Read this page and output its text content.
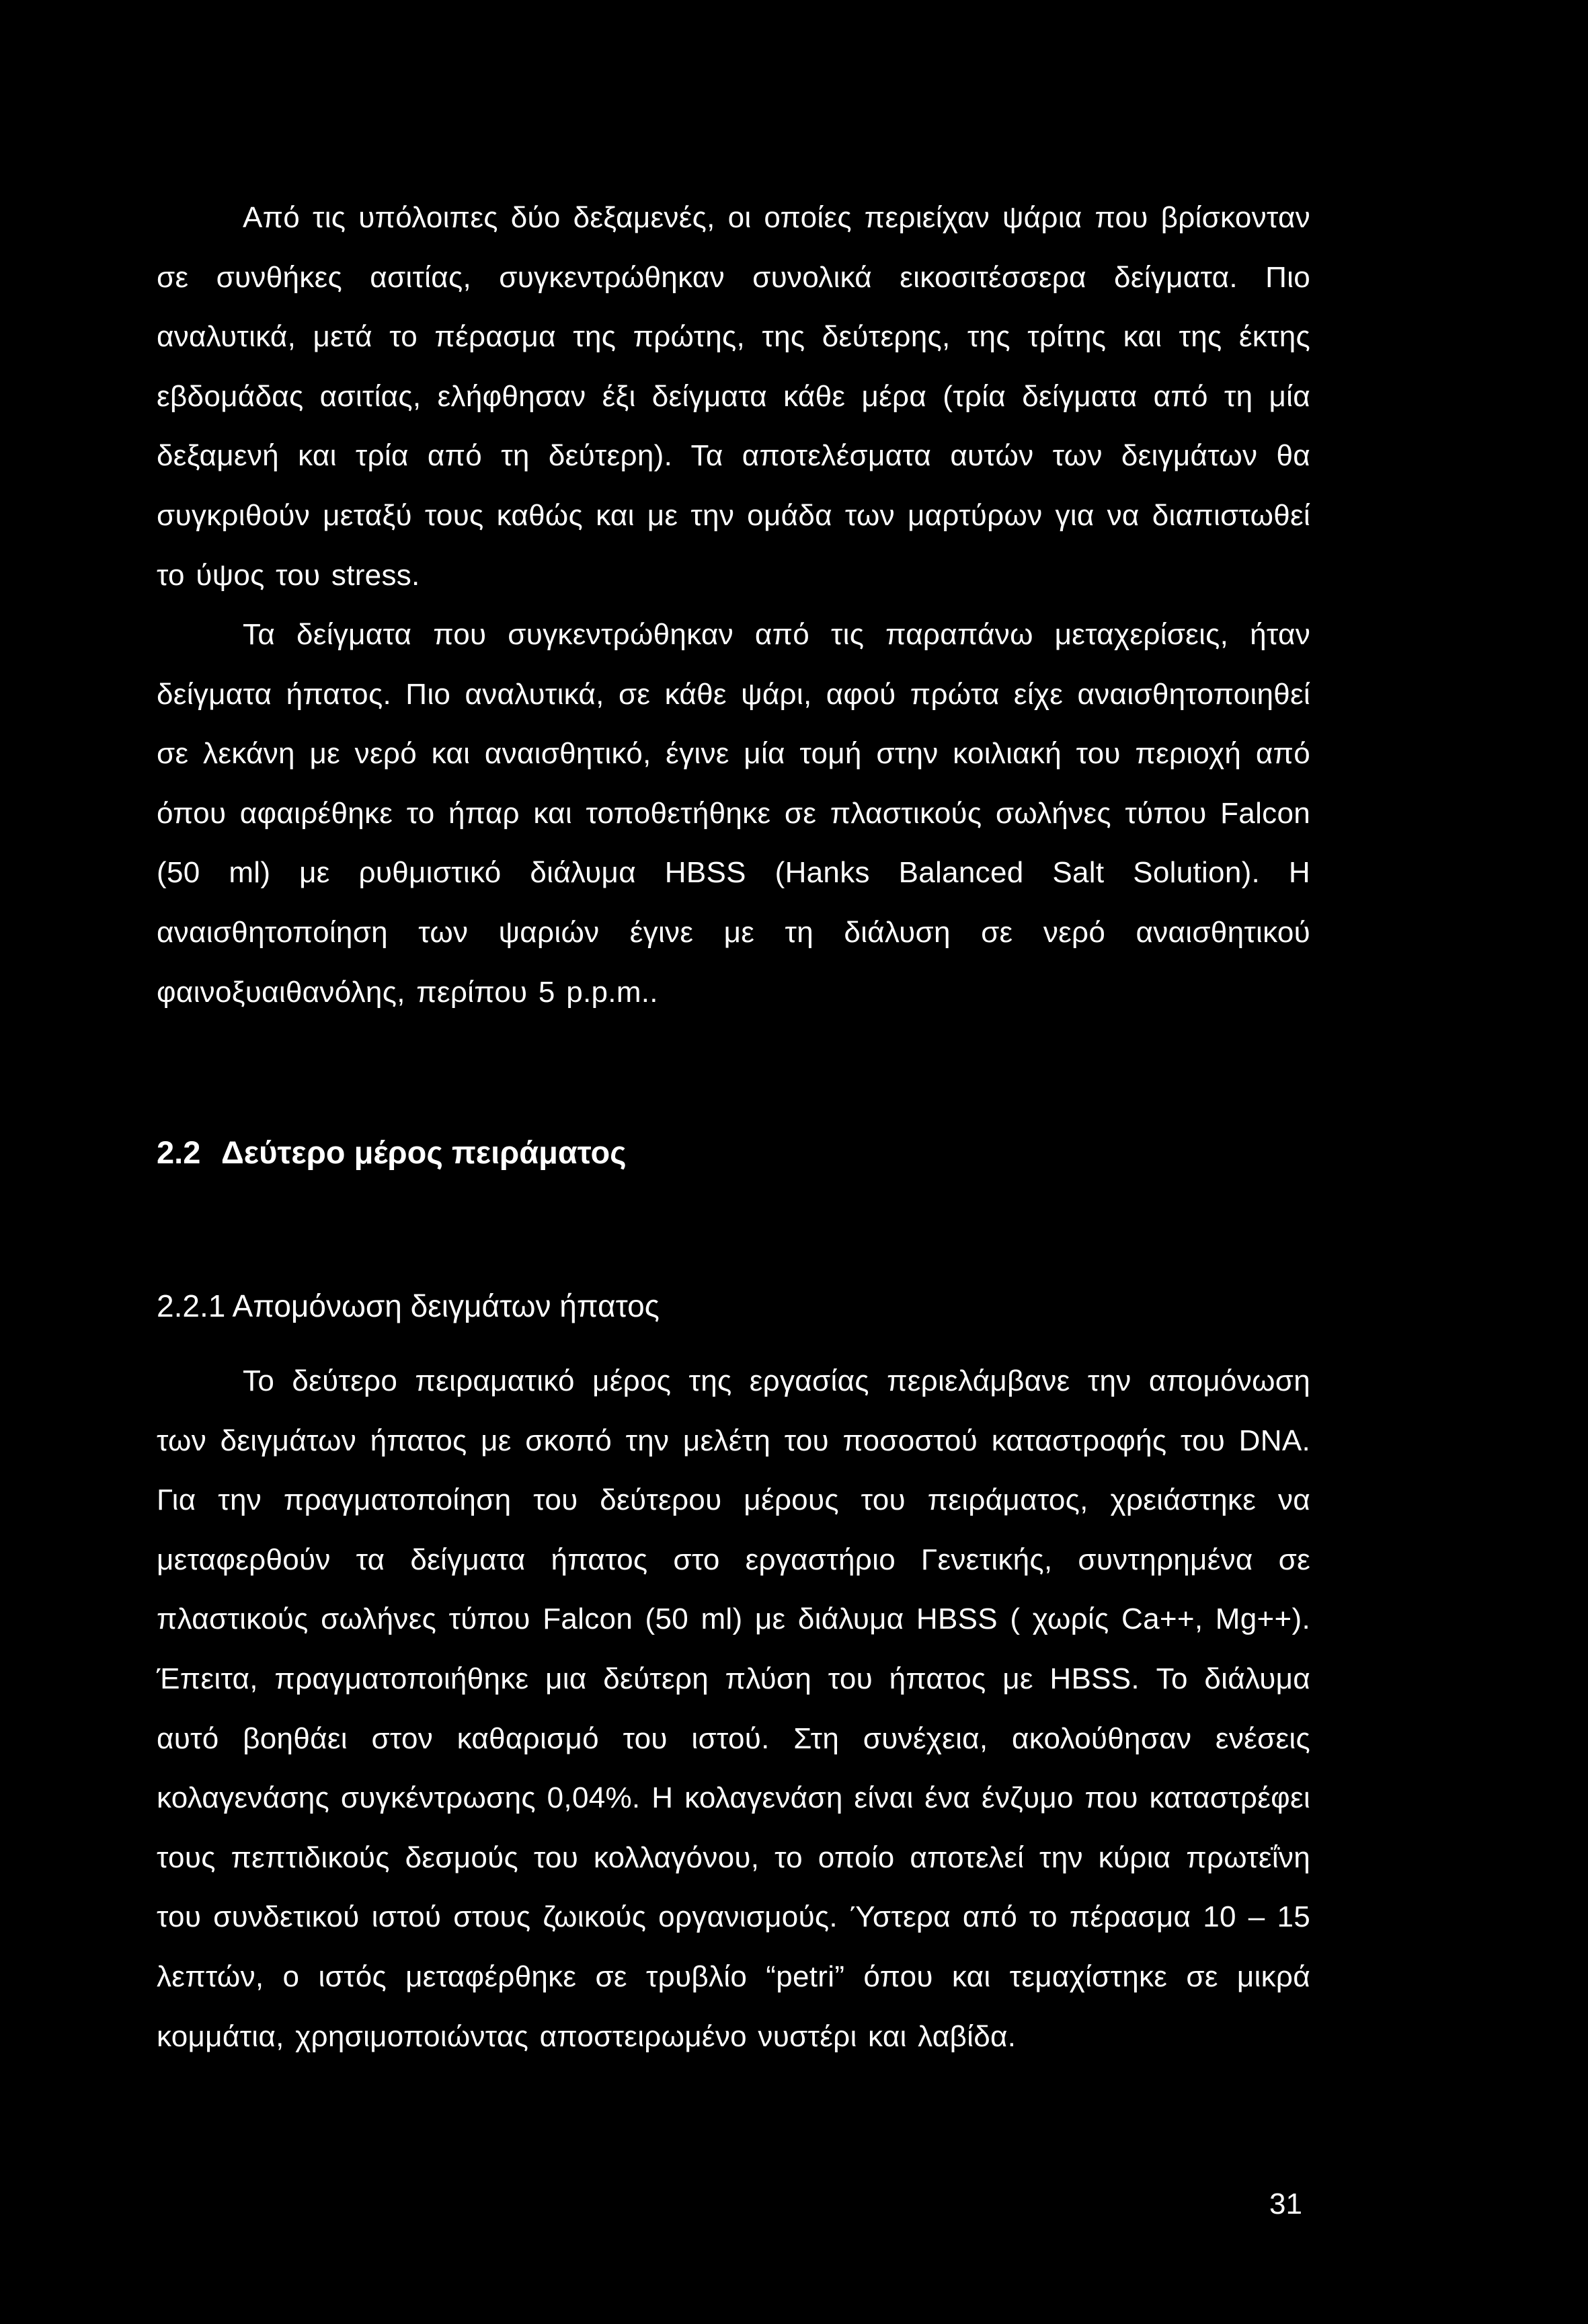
Από τις υπόλοιπες δύο δεξαμενές, οι οποίες περιείχαν ψάρια που βρίσκονταν σε συνθήκες ασιτίας, συγκεντρώθηκαν συνολικά εικοσιτέσσερα δείγματα. Πιο αναλυτικά, μετά το πέρασμα της πρώτης, της δεύτερης, της τρίτης και της έκτης εβδομάδας ασιτίας, ελήφθησαν έξι δείγματα κάθε μέρα (τρία δείγματα από τη μία δεξαμενή και τρία από τη δεύτερη). Τα αποτελέσματα αυτών των δειγμάτων θα συγκριθούν μεταξύ τους καθώς και με την ομάδα των μαρτύρων για να διαπιστωθεί το ύψος του stress.

Τα δείγματα που συγκεντρώθηκαν από τις παραπάνω μεταχερίσεις, ήταν δείγματα ήπατος. Πιο αναλυτικά, σε κάθε ψάρι, αφού πρώτα είχε αναισθητοποιηθεί σε λεκάνη με νερό και αναισθητικό, έγινε μία τομή στην κοιλιακή του περιοχή από όπου αφαιρέθηκε το ήπαρ και τοποθετήθηκε σε πλαστικούς σωλήνες τύπου Falcon (50 ml) με ρυθμιστικό διάλυμα HBSS (Hanks Balanced Salt Solution). Η αναισθητοποίηση των ψαριών έγινε με τη διάλυση σε νερό αναισθητικού φαινοξυαιθανόλης, περίπου 5 p.p.m..

2.2 Δεύτερο μέρος πειράματος
2.2.1 Απομόνωση δειγμάτων ήπατος

Το δεύτερο πειραματικό μέρος της εργασίας περιελάμβανε την απομόνωση των δειγμάτων ήπατος με σκοπό την μελέτη του ποσοστού καταστροφής του DNA. Για την πραγματοποίηση του δεύτερου μέρους του πειράματος, χρειάστηκε να μεταφερθούν τα δείγματα ήπατος στο εργαστήριο Γενετικής, συντηρημένα σε πλαστικούς σωλήνες τύπου Falcon (50 ml) με διάλυμα HBSS ( χωρίς Ca++, Mg++). Έπειτα, πραγματοποιήθηκε μια δεύτερη πλύση του ήπατος με HBSS. Το διάλυμα αυτό βοηθάει στον καθαρισμό του ιστού. Στη συνέχεια, ακολούθησαν ενέσεις κολαγενάσης συγκέντρωσης 0,04%. Η κολαγενάση είναι ένα ένζυμο που καταστρέφει τους πεπτιδικούς δεσμούς του κολλαγόνου, το οποίο αποτελεί την κύρια πρωτεΐνη του συνδετικού ιστού στους ζωικούς οργανισμούς. Ύστερα από το πέρασμα 10 – 15 λεπτών, ο ιστός μεταφέρθηκε σε τρυβλίο “petri” όπου και τεμαχίστηκε σε μικρά κομμάτια, χρησιμοποιώντας αποστειρωμένο νυστέρι και λαβίδα.

31
